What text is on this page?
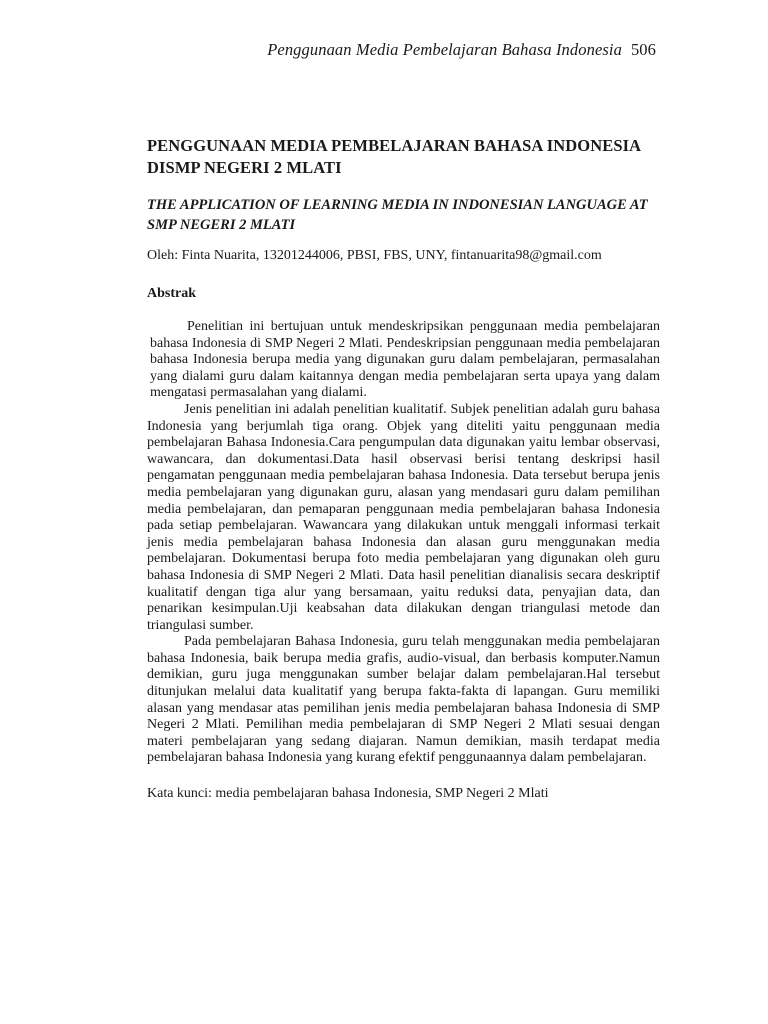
Penggunaan Media Pembelajaran Bahasa Indonesia 506
PENGGUNAAN MEDIA PEMBELAJARAN BAHASA INDONESIA DISMP NEGERI 2 MLATI
THE APPLICATION OF LEARNING MEDIA IN INDONESIAN LANGUAGE AT SMP NEGERI 2 MLATI

Oleh: Finta Nuarita, 13201244006, PBSI, FBS, UNY, fintanuarita98@gmail.com

Abstrak

Penelitian ini bertujuan untuk mendeskripsikan penggunaan media pembelajaran bahasa Indonesia di SMP Negeri 2 Mlati. Pendeskripsian penggunaan media pembelajaran bahasa Indonesia berupa media yang digunakan guru dalam pembelajaran, permasalahan yang dialami guru dalam kaitannya dengan media pembelajaran serta upaya yang dalam mengatasi permasalahan yang dialami.

Jenis penelitian ini adalah penelitian kualitatif. Subjek penelitian adalah guru bahasa Indonesia yang berjumlah tiga orang. Objek yang diteliti yaitu penggunaan media pembelajaran Bahasa Indonesia.Cara pengumpulan data digunakan yaitu lembar observasi, wawancara, dan dokumentasi.Data hasil observasi berisi tentang deskripsi hasil pengamatan penggunaan media pembelajaran bahasa Indonesia. Data tersebut berupa jenis media pembelajaran yang digunakan guru, alasan yang mendasari guru dalam pemilihan media pembelajaran, dan pemaparan penggunaan media pembelajaran bahasa Indonesia pada setiap pembelajaran. Wawancara yang dilakukan untuk menggali informasi terkait jenis media pembelajaran bahasa Indonesia dan alasan guru menggunakan media pembelajaran. Dokumentasi berupa foto media pembelajaran yang digunakan oleh guru bahasa Indonesia di SMP Negeri 2 Mlati. Data hasil penelitian dianalisis secara deskriptif kualitatif dengan tiga alur yang bersamaan, yaitu reduksi data, penyajian data, dan penarikan kesimpulan.Uji keabsahan data dilakukan dengan triangulasi metode dan triangulasi sumber.

Pada pembelajaran Bahasa Indonesia, guru telah menggunakan media pembelajaran bahasa Indonesia, baik berupa media grafis, audio-visual, dan berbasis komputer.Namun demikian, guru juga menggunakan sumber belajar dalam pembelajaran.Hal tersebut ditunjukan melalui data kualitatif yang berupa fakta-fakta di lapangan. Guru memiliki alasan yang mendasar atas pemilihan jenis media pembelajaran bahasa Indonesia di SMP Negeri 2 Mlati. Pemilihan media pembelajaran di SMP Negeri 2 Mlati sesuai dengan materi pembelajaran yang sedang diajaran. Namun demikian, masih terdapat media pembelajaran bahasa Indonesia yang kurang efektif penggunaannya dalam pembelajaran.

Kata kunci: media pembelajaran bahasa Indonesia, SMP Negeri 2 Mlati
